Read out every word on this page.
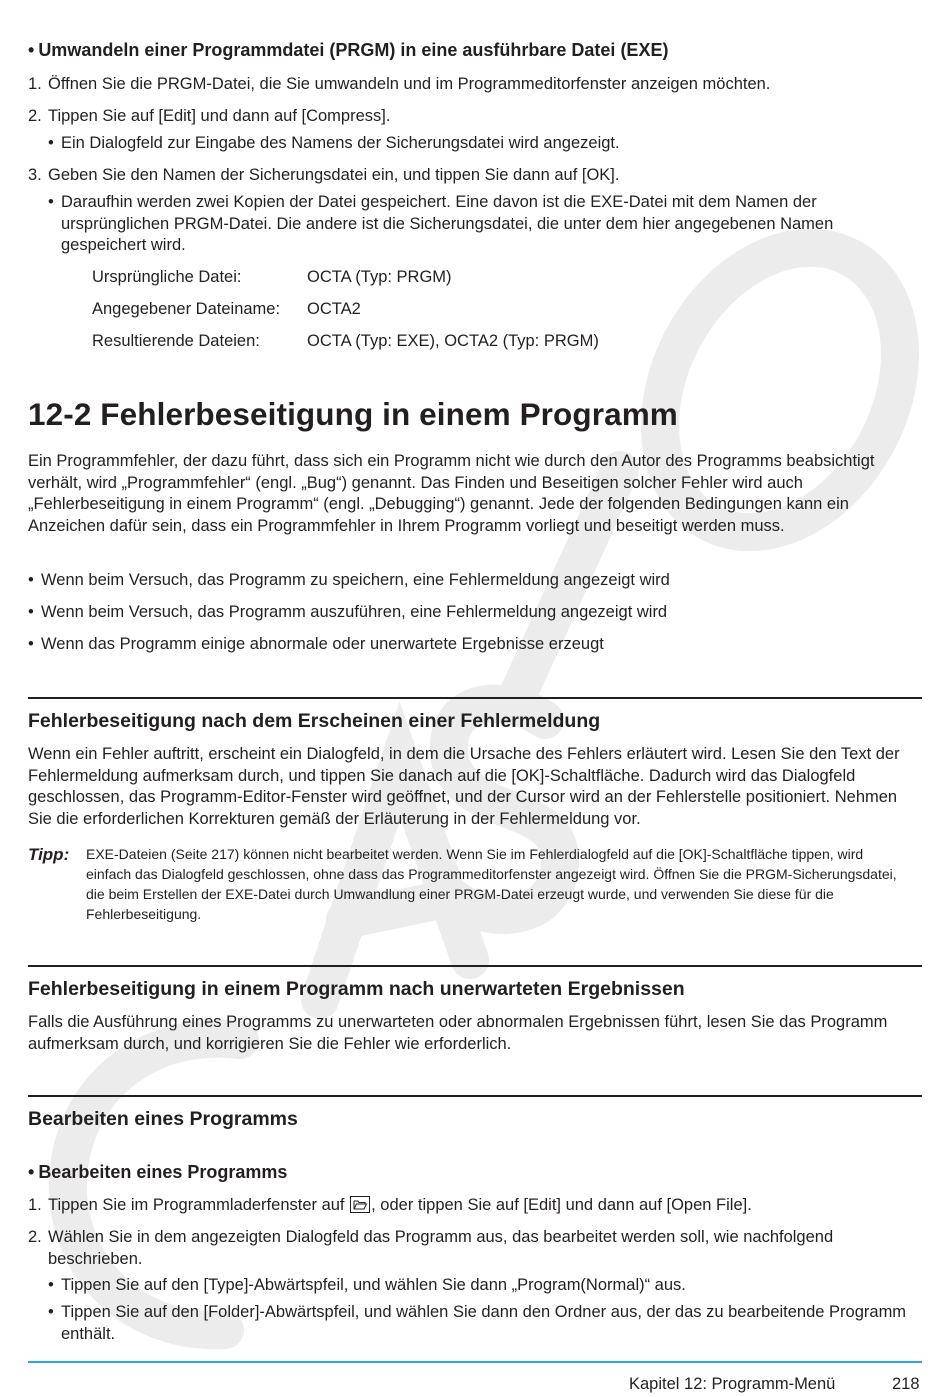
• Umwandeln einer Programmdatei (PRGM) in eine ausführbare Datei (EXE)
1. Öffnen Sie die PRGM-Datei, die Sie umwandeln und im Programmeditorfenster anzeigen möchten.
2. Tippen Sie auf [Edit] und dann auf [Compress].
• Ein Dialogfeld zur Eingabe des Namens der Sicherungsdatei wird angezeigt.
3. Geben Sie den Namen der Sicherungsdatei ein, und tippen Sie dann auf [OK].
• Daraufhin werden zwei Kopien der Datei gespeichert. Eine davon ist die EXE-Datei mit dem Namen der ursprünglichen PRGM-Datei. Die andere ist die Sicherungsdatei, die unter dem hier angegebenen Namen gespeichert wird.
Ursprüngliche Datei:	OCTA (Typ: PRGM)
Angegebener Dateiname:	OCTA2
Resultierende Dateien:	OCTA (Typ: EXE), OCTA2 (Typ: PRGM)
12-2 Fehlerbeseitigung in einem Programm
Ein Programmfehler, der dazu führt, dass sich ein Programm nicht wie durch den Autor des Programms beabsichtigt verhält, wird „Programmfehler“ (engl. „Bug“) genannt. Das Finden und Beseitigen solcher Fehler wird auch „Fehlerbeseitigung in einem Programm“ (engl. „Debugging“) genannt. Jede der folgenden Bedingungen kann ein Anzeichen dafür sein, dass ein Programmfehler in Ihrem Programm vorliegt und beseitigt werden muss.
• Wenn beim Versuch, das Programm zu speichern, eine Fehlermeldung angezeigt wird
• Wenn beim Versuch, das Programm auszuführen, eine Fehlermeldung angezeigt wird
• Wenn das Programm einige abnormale oder unerwartete Ergebnisse erzeugt
Fehlerbeseitigung nach dem Erscheinen einer Fehlermeldung
Wenn ein Fehler auftritt, erscheint ein Dialogfeld, in dem die Ursache des Fehlers erläutert wird. Lesen Sie den Text der Fehlermeldung aufmerksam durch, und tippen Sie danach auf die [OK]-Schaltfläche. Dadurch wird das Dialogfeld geschlossen, das Programm-Editor-Fenster wird geöffnet, und der Cursor wird an der Fehlerstelle positioniert. Nehmen Sie die erforderlichen Korrekturen gemäß der Erläuterung in der Fehlermeldung vor.
Tipp:	EXE-Dateien (Seite 217) können nicht bearbeitet werden. Wenn Sie im Fehlerdialogfeld auf die [OK]-Schaltfläche tippen, wird einfach das Dialogfeld geschlossen, ohne dass das Programmeditorfenster angezeigt wird. Öffnen Sie die PRGM-Sicherungsdatei, die beim Erstellen der EXE-Datei durch Umwandlung einer PRGM-Datei erzeugt wurde, und verwenden Sie diese für die Fehlerbeseitigung.
Fehlerbeseitigung in einem Programm nach unerwarteten Ergebnissen
Falls die Ausführung eines Programms zu unerwarteten oder abnormalen Ergebnissen führt, lesen Sie das Programm aufmerksam durch, und korrigieren Sie die Fehler wie erforderlich.
Bearbeiten eines Programms
• Bearbeiten eines Programms
1. Tippen Sie im Programmladerfenster auf , oder tippen Sie auf [Edit] und dann auf [Open File].
2. Wählen Sie in dem angezeigten Dialogfeld das Programm aus, das bearbeitet werden soll, wie nachfolgend beschrieben.
• Tippen Sie auf den [Type]-Abwärtspfeil, und wählen Sie dann „Program(Normal)“ aus.
• Tippen Sie auf den [Folder]-Abwärtspfeil, und wählen Sie dann den Ordner aus, der das zu bearbeitende Programm enthält.
Kapitel 12: Programm-Menü	218
